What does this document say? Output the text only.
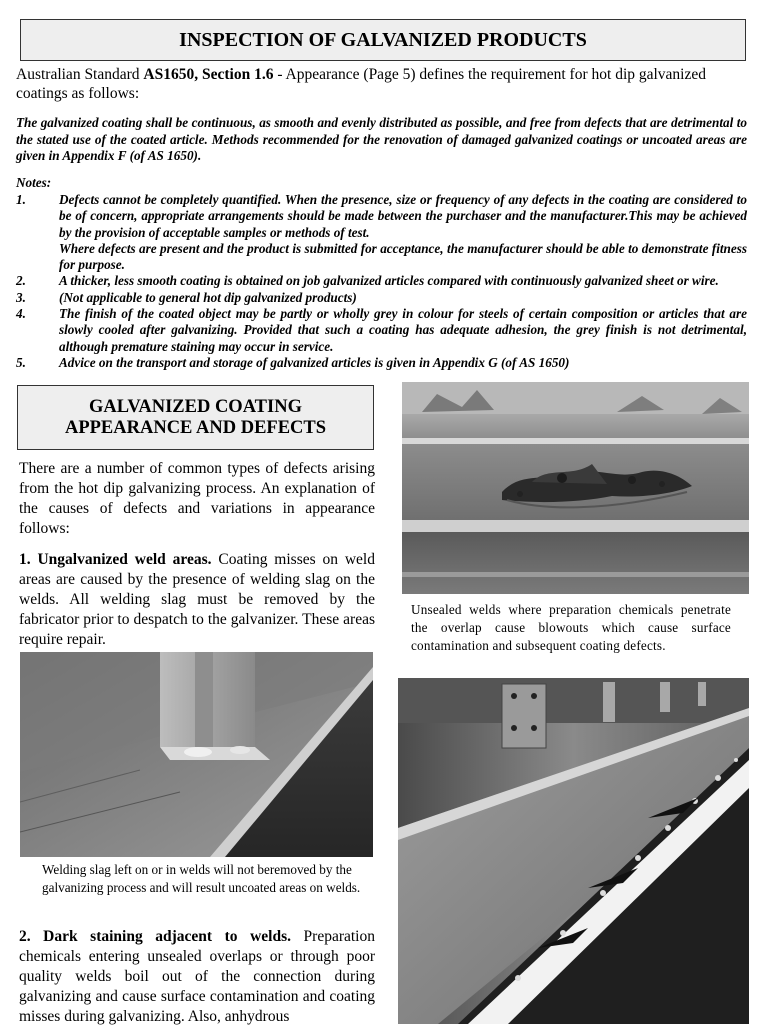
INSPECTION OF GALVANIZED PRODUCTS
Australian Standard AS1650, Section 1.6 - Appearance (Page 5) defines the requirement for hot dip galvanized coatings as follows:
The galvanized coating shall be continuous, as smooth and evenly distributed as possible, and free from defects that are detrimental to the stated use of the coated article. Methods recommended for the renovation of damaged galvanized coatings or uncoated areas are given in Appendix F (of AS 1650).
Notes:
1.	Defects cannot be completely quantified. When the presence, size or frequency of any defects in the coating are considered to be of concern, appropriate arrangements should be made between the purchaser and the manufacturer.This may be achieved by the provision of acceptable samples or methods of test.
Where defects are present and the product is submitted for acceptance, the manufacturer should be able to demonstrate fitness for purpose.
2.	A thicker, less smooth coating is obtained on job galvanized articles compared with continuously galvanized sheet or wire.
3.	(Not applicable to general hot dip galvanized products)
4.	The finish of the coated object may be partly or wholly grey in colour for steels of certain composition or articles that are slowly cooled after galvanizing. Provided that such a coating has adequate adhesion, the grey finish is not detrimental, although premature staining may occur in service.
5.	Advice on the transport and storage of galvanized articles is given in Appendix G (of AS 1650)
GALVANIZED COATING APPEARANCE AND DEFECTS
There are a number of common types of defects arising from the hot dip galvanizing process. An explanation of the causes of defects and variations in appearance follows:
1. Ungalvanized weld areas. Coating misses on weld areas are caused by the presence of welding slag on the welds. All welding slag must be removed by the fabricator prior to despatch to the galvanizer. These areas require repair.
Unsealed welds where preparation chemicals penetrate the overlap cause blowouts which cause surface contamination and subsequent coating defects.
Welding slag left on or in welds will not beremoved by the galvanizing process and will result uncoated areas on welds.
2. Dark staining adjacent to welds. Preparation chemicals entering unsealed overlaps or through poor quality welds boil out of the connection during galvanizing and cause surface contamination and coating misses during galvanizing. Also, anhydrous
